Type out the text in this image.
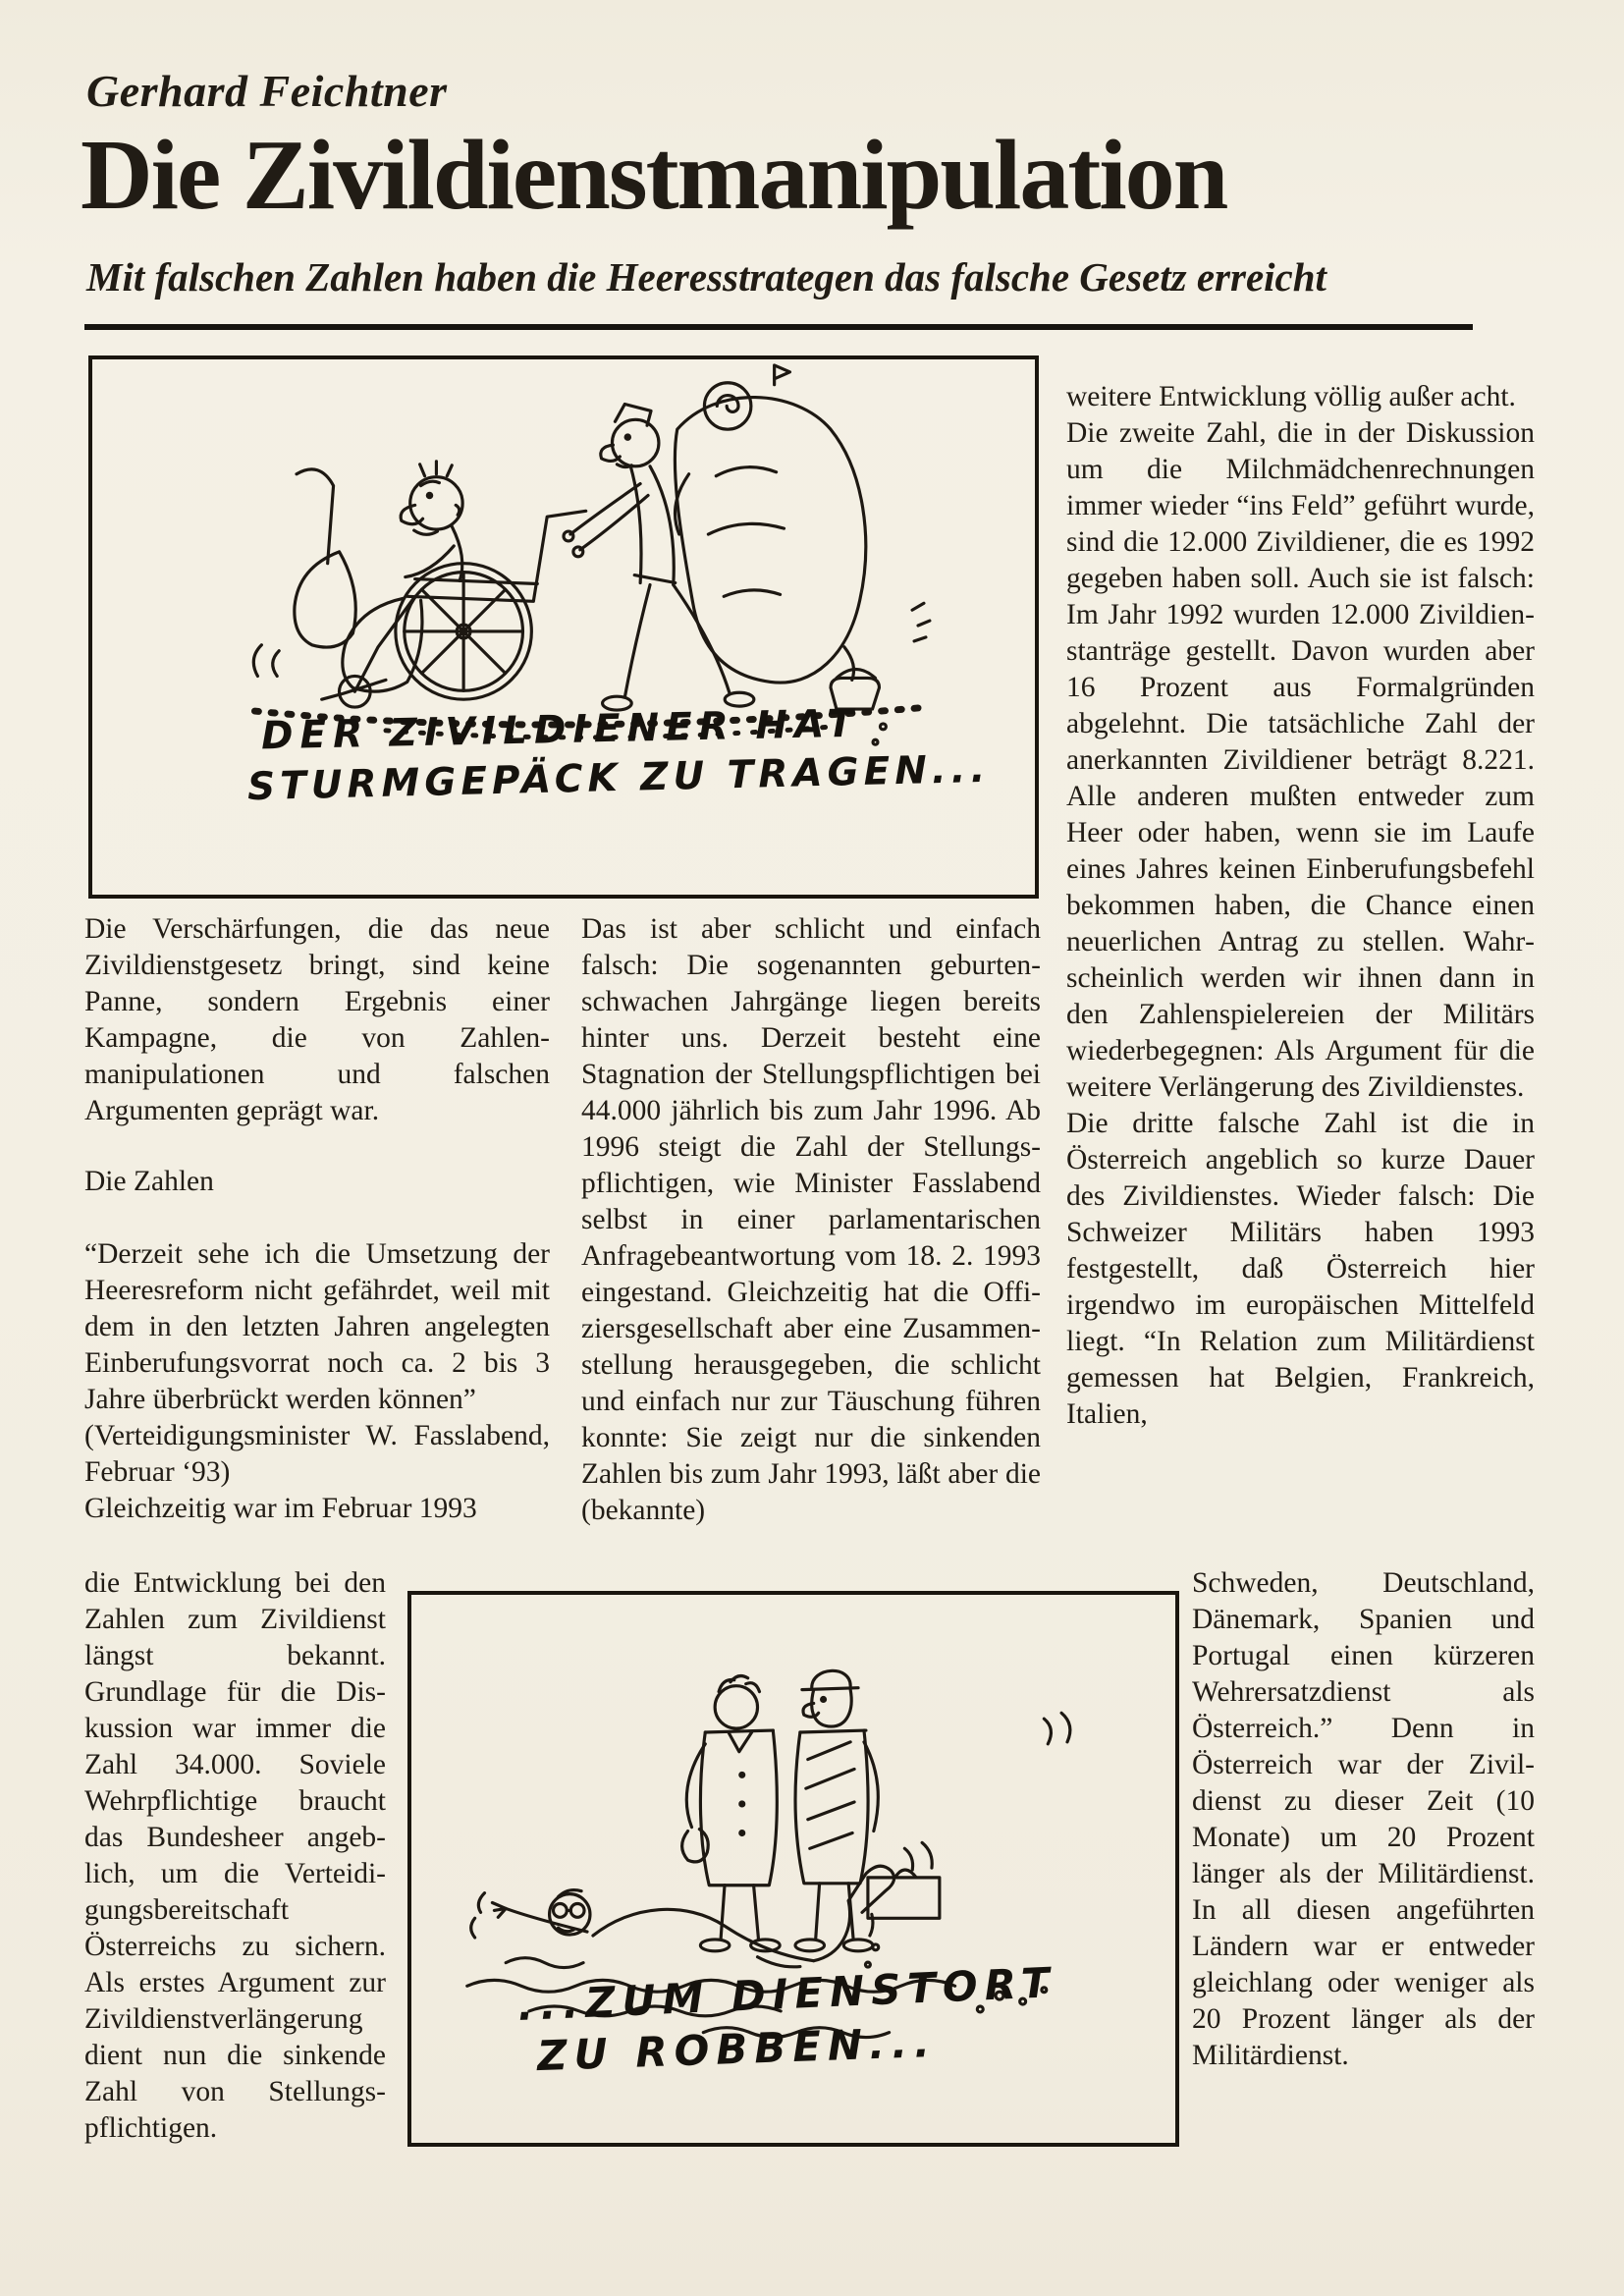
Gerhard Feichtner
Die Zivildienstmanipulation
Mit falschen Zahlen haben die Heeresstrategen das falsche Gesetz erreicht
DER ZIVILDIENER HAT
STURMGEPÄCK ZU TRAGEN...

Die Verschärfungen, die das neue Zivildienstgesetz bringt, sind keine Panne, sondern Ergebnis einer Kampagne, die von Zahlenmanipulationen und falschen Argumenten geprägt war.

Die Zahlen

“Derzeit sehe ich die Umsetzung der Heeresreform nicht gefährdet, weil mit dem in den letzten Jahren angelegten Einberufungsvorrat noch ca. 2 bis 3 Jahre überbrückt werden können”

(Verteidigungsminister W. Fasslabend, Februar ‘93)

Gleichzeitig war im Februar 1993

die Entwicklung bei den Zahlen zum Zivildienst längst bekannt. Grundlage für die Diskussion war immer die Zahl 34.000. Soviele Wehrpflichtige braucht das Bundesheer angeblich, um die Verteidigungsbereitschaft Österreichs zu sichern. Als erstes Argument zur Zivildienstverlängerung dient nun die sinkende Zahl von Stellungspflichtigen.

Das ist aber schlicht und einfach falsch: Die sogenannten geburtenschwachen Jahrgänge liegen bereits hinter uns. Derzeit besteht eine Stagnation der Stellungspflichtigen bei 44.000 jährlich bis zum Jahr 1996. Ab 1996 steigt die Zahl der Stellungspflichtigen, wie Minister Fasslabend selbst in einer parlamentarischen Anfragebeantwortung vom 18. 2. 1993 eingestand. Gleichzeitig hat die Offiziersgesellschaft aber eine Zusammenstellung herausgegeben, die schlicht und einfach nur zur Täuschung führen konnte: Sie zeigt nur die sinkenden Zahlen bis zum Jahr 1993, läßt aber die (bekannte)

weitere Entwicklung völlig außer acht.

Die zweite Zahl, die in der Diskussion um die Milchmädchenrechnungen immer wieder “ins Feld” geführt wurde, sind die 12.000 Zivildiener, die es 1992 gegeben haben soll. Auch sie ist falsch: Im Jahr 1992 wurden 12.000 Zivildienstanträge gestellt. Davon wurden aber 16 Prozent aus Formalgründen abgelehnt. Die tatsächliche Zahl der anerkannten Zivildiener beträgt 8.221. Alle anderen mußten entweder zum Heer oder haben, wenn sie im Laufe eines Jahres keinen Einberufungsbefehl bekommen haben, die Chance einen neuerlichen Antrag zu stellen. Wahrscheinlich werden wir ihnen dann in den Zahlenspielereien der Militärs wiederbegegnen: Als Argument für die weitere Verlängerung des Zivildienstes.

Die dritte falsche Zahl ist die in Österreich angeblich so kurze Dauer des Zivildienstes. Wieder falsch: Die Schweizer Militärs haben 1993 festgestellt, daß Österreich hier irgendwo im europäischen Mittelfeld liegt. “In Relation zum Militärdienst gemessen hat Belgien, Frankreich, Italien,

Schweden, Deutschland, Dänemark, Spanien und Portugal einen kürzeren Wehrersatzdienst als Österreich.” Denn in Österreich war der Zivildienst zu dieser Zeit (10 Monate) um 20 Prozent länger als der Militärdienst. In all diesen angeführten Ländern war er entweder gleichlang oder weniger als 20 Prozent länger als der Militärdienst.

...ZUM DIENSTORT
ZU ROBBEN...
